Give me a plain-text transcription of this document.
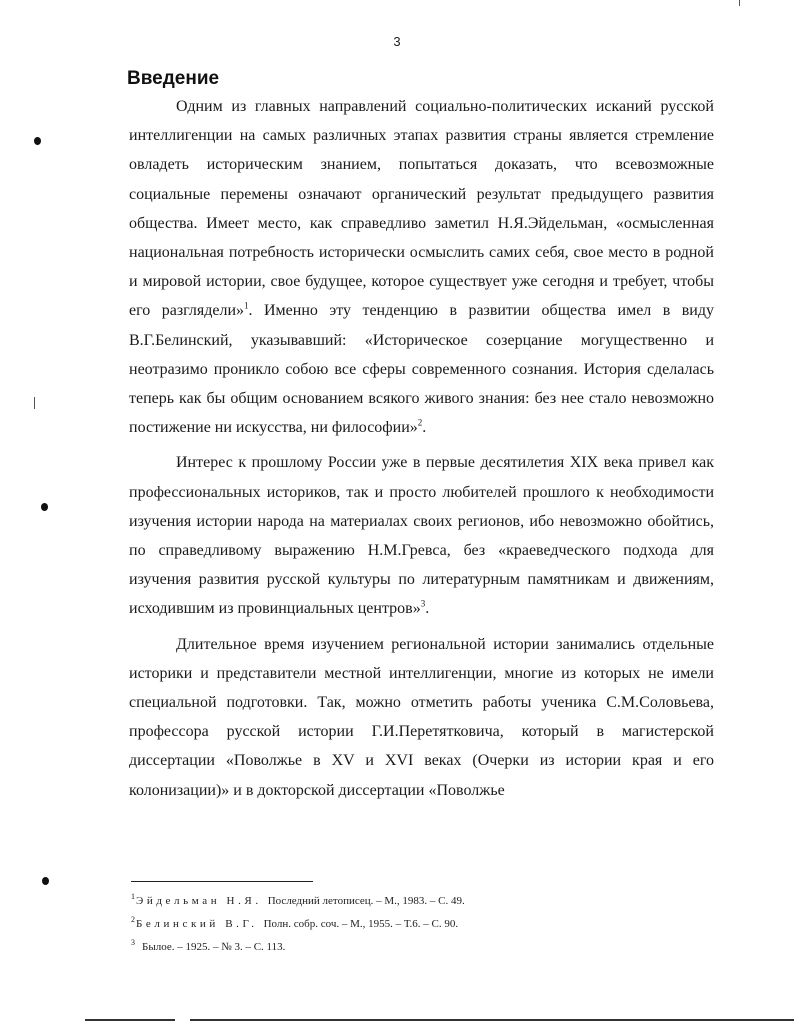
3
Введение

Одним из главных направлений социально-политических исканий русской интеллигенции на самых различных этапах развития страны является стремление овладеть историческим знанием, попытаться доказать, что всевозможные социальные перемены означают органический результат предыдущего развития общества. Имеет место, как справедливо заметил Н.Я.Эйдельман, «осмысленная национальная потребность исторически осмыслить самих себя, свое место в родной и мировой истории, свое будущее, которое существует уже сегодня и требует, чтобы его разглядели»$^1$. Именно эту тенденцию в развитии общества имел в виду В.Г.Белинский, указывавший: «Историческое созерцание могущественно и неотразимо проникло собою все сферы современного сознания. История сделалась теперь как бы общим основанием всякого живого знания: без нее стало невозможно постижение ни искусства, ни философии»$^2$.

Интерес к прошлому России уже в первые десятилетия XIX века привел как профессиональных историков, так и просто любителей прошлого к необходимости изучения истории народа на материалах своих регионов, ибо невозможно обойтись, по справедливому выражению Н.М.Гревса, без «краеведческого подхода для изучения развития русской культуры по литературным памятникам и движениям, исходившим из провинциальных центров»$^3$.

Длительное время изучением региональной истории занимались отдельные историки и представители местной интеллигенции, многие из которых не имели специальной подготовки. Так, можно отметить работы ученика С.М.Соловьева, профессора русской истории Г.И.Перетятковича, который в магистерской диссертации «Поволжье в XV и XVI веках (Очерки из истории края и его колонизации)» и в докторской диссертации «Поволжье

$^1$Эйдельман Н.Я. Последний летописец. – М., 1983. – С. 49.
$^2$Белинский В.Г. Полн. собр. соч. – М., 1955. – Т.6. – С. 90.
$^3$ Былое. – 1925. – № 3. – С. 113.
